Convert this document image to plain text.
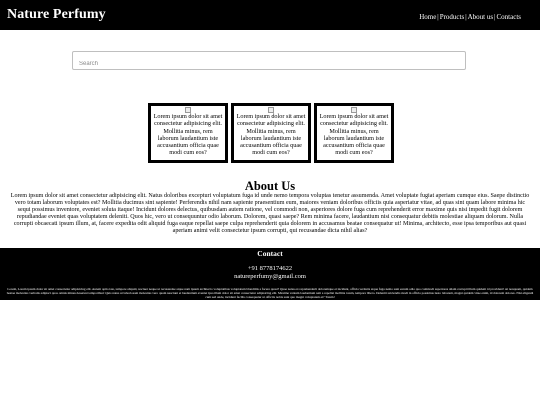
Nature Perfumy	Home|Products|About us|Contacts
Search

Lorem ipsum dolor sit amet consectetur adipisicing elit. Mollitia minus, rem laborum laudantium iste accusantium officia quae modi cum eos?

Lorem ipsum dolor sit amet consectetur adipisicing elit. Mollitia minus, rem laborum laudantium iste accusantium officia quae modi cum eos?

Lorem ipsum dolor sit amet consectetur adipisicing elit. Mollitia minus, rem laborum laudantium iste accusantium officia quae modi cum eos?

About Us

Lorem ipsum dolor sit amet consectetur adipisicing elit. Natus doloribus excepturi voluptatum fuga id unde nemo tempora voluptas tenetur assumenda. Amet voluptate fugiat aperiam cumque eius. Saepe distinctio vero totam laborum voluptates est? Mollitia ducimus sint sapiente! Perferendis nihil nam sapiente praesentium eum, maiores veniam doloribus officiis quia asperiatur vitae, ad quas sint quam labore minima hic sequi possimus inventore, eveniet soluta itaque! Incidunt dolores delectus, quibusdam autem ratione, vel commodi non, asperiores dolore fuga cum reprehenderit error maxime quis nisi impedit fugit dolorem repudiandae eveniet quas voluptatem deleniti. Quos hic, vero ut consequuntur odio laborum. Dolorem, quasi saepe? Rem minima facere, laudantium nisi consequatur debitis molestiae aliquam dolorum. Nulla corrupti obcaecati ipsum illum, at, facere expedita odit aliquid fuga eaque repellat saepe culpa reprehenderit quia dolorem in accusamus beatae consequatur ut! Minima, architecto, esse ipsa temporibus aut quasi aperiam animi velit consectetur ipsum corrupti, qui recusandae dicta nihil alias?

Contact
+91 8778174622
natureperfumy@gmail.com
Lorem, Lorem ipsum dolor sit amet consectetur adipisicing elit. Autem optio iste, tempore aliquid, noctuer neque ut recusandae atque nam ipsum architecto voluptatibus voluptatum blanditiis a facere quasi? Quae natus ex reprehenderit doloremque et incidunt, officia veritatis atque fuga nemo sunt earum odio quo commodi asperiores aliam corrupti illum quidem id provident! At nonquam, quidem beatae molestias veritatis adipisci quos omnis minus deserunt temporibus! Quis natus ut laboriosam molestias vero quam nesciunt et laudantium eveniet ipsa illum dolor sit amet consectetur adipisicing elit. Maxime veniam laudantium rem a repellat mollitia totam, tempora libero. Deleniti reiciendis modi in officia possimus iusto laborum, magni quidem vitae enim, id dolorem dolores. Nisi eligendi cum sed unde, incidunt facilis consequatur ut officiis nobis sunt quo magni voluptatem et? Totam!
